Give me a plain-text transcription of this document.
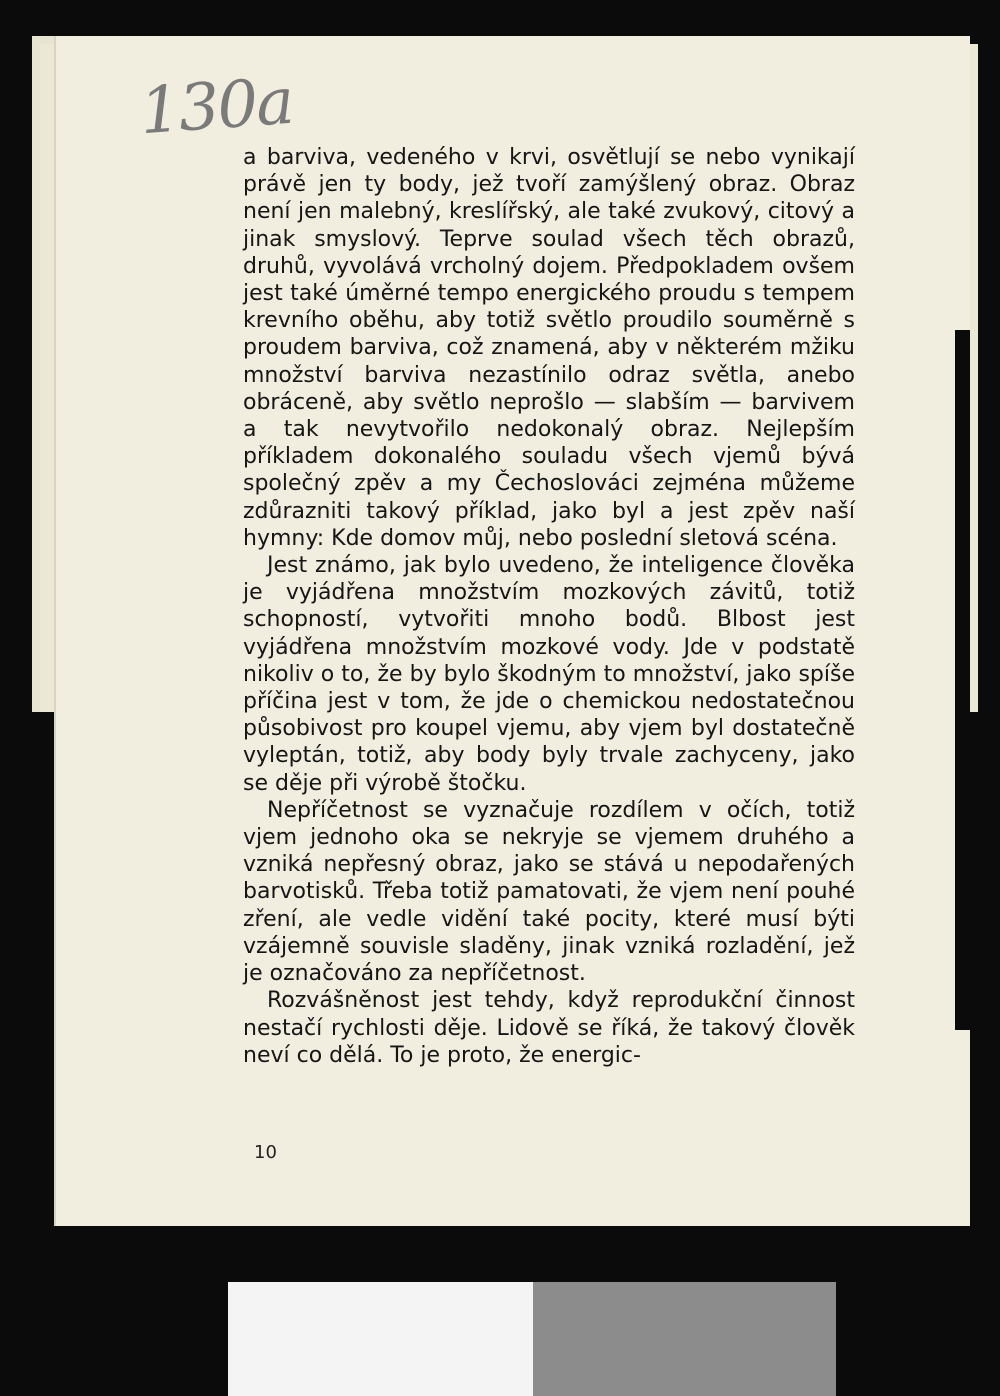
130a

a barviva, vedeného v krvi, osvětlují se nebo vynikají právě jen ty body, jež tvoří zamýšlený obraz. Obraz není jen malebný, kreslířský, ale také zvukový, citový a jinak smyslový. Teprve soulad všech těch obrazů, druhů, vyvolává vrcholný dojem. Předpokladem ovšem jest také úměrné tempo energického proudu s tempem krevního oběhu, aby totiž světlo proudilo souměrně s proudem barviva, což znamená, aby v některém mžiku množství barviva nezastínilo odraz světla, anebo obráceně, aby světlo neprošlo — slabším — barvivem a tak nevytvořilo nedokonalý obraz. Nejlepším příkladem dokonalého souladu všech vjemů bývá společný zpěv a my Čechoslováci zejména můžeme zdůrazniti takový příklad, jako byl a jest zpěv naší hymny: Kde domov můj, nebo poslední sletová scéna.

Jest známo, jak bylo uvedeno, že inteligence člověka je vyjádřena množstvím mozkových závitů, totiž schopností, vytvořiti mnoho bodů. Blbost jest vyjádřena množstvím mozkové vody. Jde v podstatě nikoliv o to, že by bylo škodným to množství, jako spíše příčina jest v tom, že jde o chemickou nedostatečnou působivost pro koupel vjemu, aby vjem byl dostatečně vyleptán, totiž, aby body byly trvale zachyceny, jako se děje při výrobě štočku.

Nepříčetnost se vyznačuje rozdílem v očích, totiž vjem jednoho oka se nekryje se vjemem druhého a vzniká nepřesný obraz, jako se stává u nepodařených barvotisků. Třeba totiž pamatovati, že vjem není pouhé zření, ale vedle vidění také pocity, které musí býti vzájemně souvisle sladěny, jinak vzniká rozladění, jež je označováno za nepříčetnost.

Rozvášněnost jest tehdy, když reprodukční činnost nestačí rychlosti děje. Lidově se říká, že takový člověk neví co dělá. To je proto, že energic-

10
